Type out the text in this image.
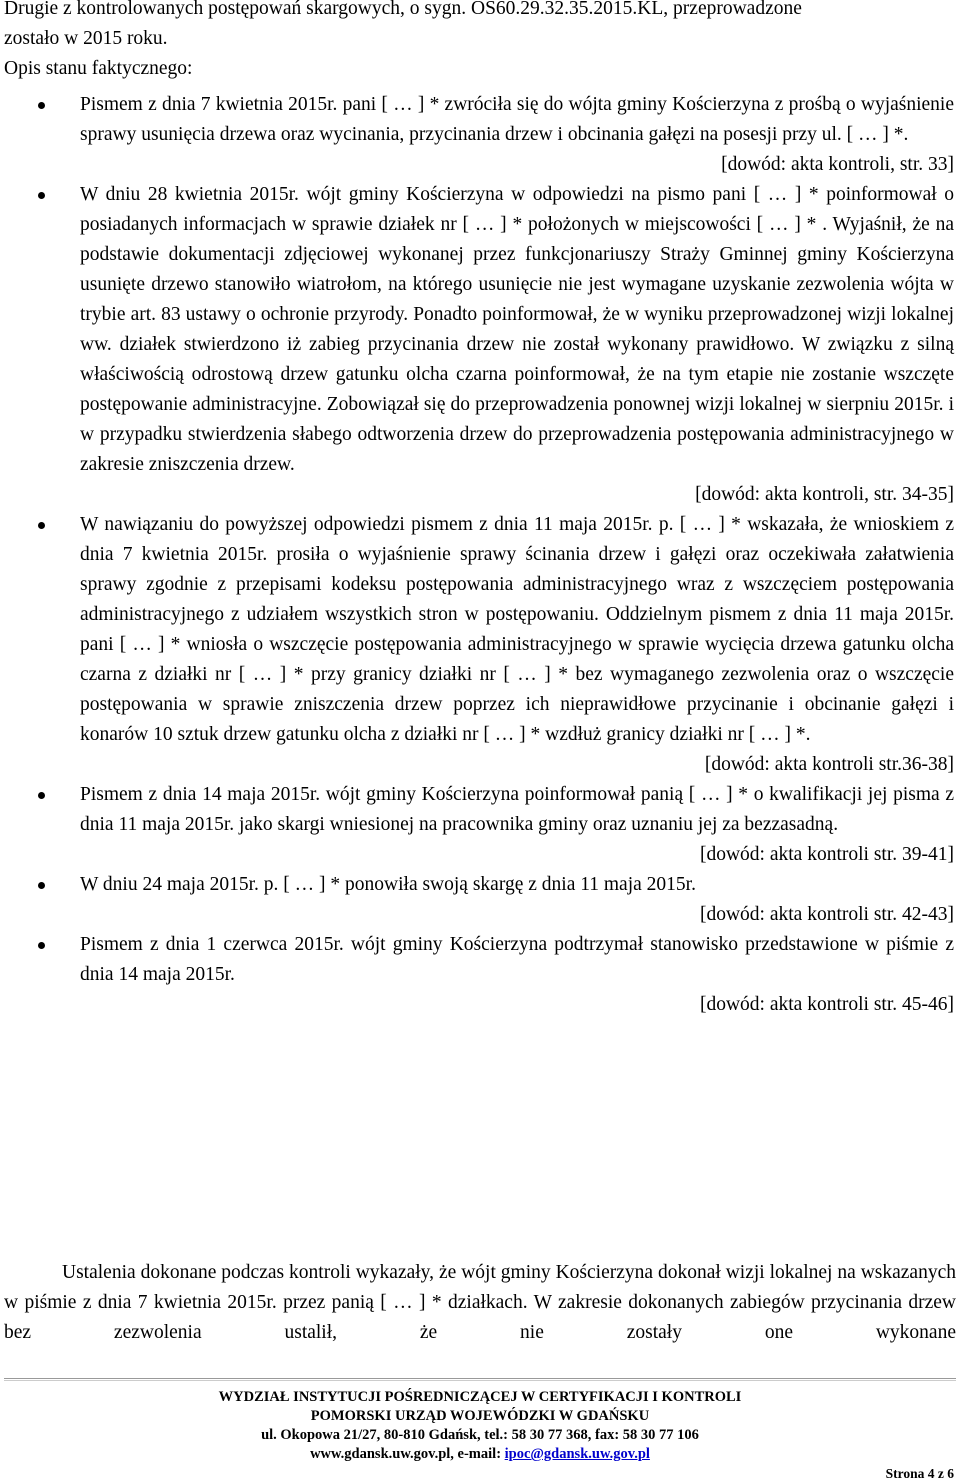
Drugie z kontrolowanych postępowań skargowych, o sygn. OS60.29.32.35.2015.KL, przeprowadzone
zostało w 2015 roku.
Opis stanu faktycznego:
Pismem z dnia 7 kwietnia 2015r. pani [ … ] * zwróciła się do wójta gminy Kościerzyna z prośbą o wyjaśnienie sprawy usunięcia drzewa oraz wycinania, przycinania drzew i obcinania gałęzi na posesji przy ul. [ … ] *.
[dowód: akta kontroli, str. 33]
W dniu 28 kwietnia 2015r. wójt gminy Kościerzyna w odpowiedzi na pismo pani [ … ] * poinformował o posiadanych informacjach w sprawie działek nr [ … ] * położonych w miejscowości [ … ] * . Wyjaśnił, że na podstawie dokumentacji zdjęciowej wykonanej przez funkcjonariuszy Straży Gminnej gminy Kościerzyna usunięte drzewo stanowiło wiatrołom, na którego usunięcie nie jest wymagane uzyskanie zezwolenia wójta w trybie art. 83 ustawy o ochronie przyrody. Ponadto poinformował, że w wyniku przeprowadzonej wizji lokalnej ww. działek stwierdzono iż zabieg przycinania drzew nie został wykonany prawidłowo. W związku z silną właściwością odrostową drzew gatunku olcha czarna poinformował, że na tym etapie nie zostanie wszczęte postępowanie administracyjne. Zobowiązał się do przeprowadzenia ponownej wizji lokalnej w sierpniu 2015r. i w przypadku stwierdzenia słabego odtworzenia drzew do przeprowadzenia postępowania administracyjnego w zakresie zniszczenia drzew.
[dowód: akta kontroli, str. 34-35]
W nawiązaniu do powyższej odpowiedzi pismem z dnia 11 maja 2015r. p. [ … ] * wskazała, że wnioskiem z dnia 7 kwietnia 2015r. prosiła o wyjaśnienie sprawy ścinania drzew i gałęzi oraz oczekiwała załatwienia sprawy zgodnie z przepisami kodeksu postępowania administracyjnego wraz z wszczęciem postępowania administracyjnego z udziałem wszystkich stron w postępowaniu. Oddzielnym pismem z dnia 11 maja 2015r. pani [ … ] * wniosła o wszczęcie postępowania administracyjnego w sprawie wycięcia drzewa gatunku olcha czarna z działki nr [ … ] * przy granicy działki nr [ … ] * bez wymaganego zezwolenia oraz o wszczęcie postępowania w sprawie zniszczenia drzew poprzez ich nieprawidłowe przycinanie i obcinanie gałęzi i konarów 10 sztuk drzew gatunku olcha z działki nr [ … ] * wzdłuż granicy działki nr [ … ] *.
[dowód: akta kontroli str.36-38]
Pismem z dnia 14 maja 2015r. wójt gminy Kościerzyna poinformował panią [ … ] * o kwalifikacji jej pisma z dnia 11 maja 2015r. jako skargi wniesionej na pracownika gminy oraz uznaniu jej za bezzasadną.
[dowód: akta kontroli str. 39-41]
W dniu 24 maja 2015r. p. [ … ] * ponowiła swoją skargę z dnia 11 maja 2015r.
[dowód: akta kontroli str. 42-43]
Pismem z dnia 1 czerwca 2015r. wójt gminy Kościerzyna podtrzymał stanowisko przedstawione w piśmie z dnia 14 maja 2015r.
[dowód: akta kontroli str. 45-46]
Ustalenia dokonane podczas kontroli wykazały, że wójt gminy Kościerzyna dokonał wizji lokalnej na wskazanych w piśmie z dnia 7 kwietnia 2015r. przez panią [ … ] * działkach. W zakresie dokonanych zabiegów przycinania drzew bez zezwolenia ustalił, że nie zostały one wykonane
WYDZIAŁ INSTYTUCJI POŚREDNICZĄCEJ W CERTYFIKACJI I KONTROLI
POMORSKI URZĄD WOJEWÓDZKI W GDAŃSKU
ul. Okopowa 21/27, 80-810 Gdańsk, tel.: 58 30 77 368, fax: 58 30 77 106
www.gdansk.uw.gov.pl, e-mail: ipoc@gdansk.uw.gov.pl
Strona 4 z 6
